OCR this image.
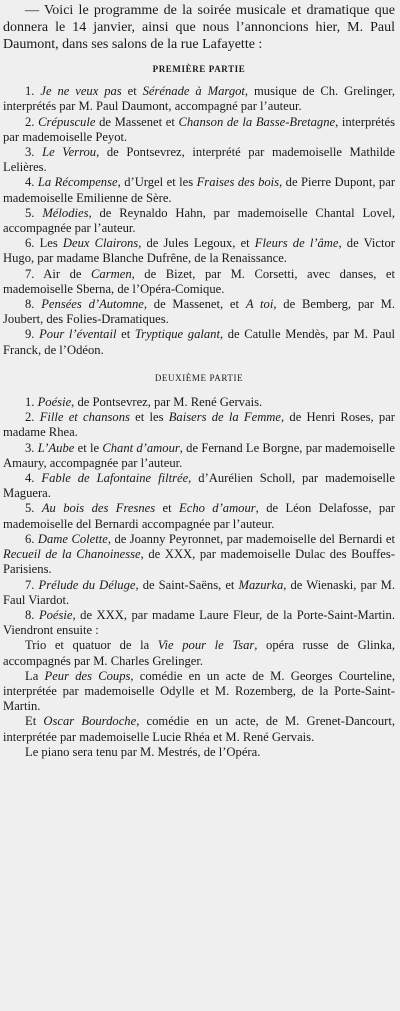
— Voici le programme de la soirée musicale et dramatique que donnera le 14 janvier, ainsi que nous l’annoncions hier, M. Paul Daumont, dans ses salons de la rue Lafayette :

PREMIÈRE PARTIE

1. Je ne veux pas et Sérénade à Margot, musique de Ch. Grelinger, interprétés par M. Paul Daumont, accompagné par l’auteur.

2. Crépuscule de Massenet et Chanson de la Basse-Bretagne, interprétés par mademoiselle Peyot.

3. Le Verrou, de Pontsevrez, interprété par mademoiselle Mathilde Lelières.

4. La Récompense, d’Urgel et les Fraises des bois, de Pierre Dupont, par mademoiselle Emilienne de Sère.

5. Mélodies, de Reynaldo Hahn, par mademoiselle Chantal Lovel, accompagnée par l’auteur.

6. Les Deux Clairons, de Jules Legoux, et Fleurs de l’âme, de Victor Hugo, par madame Blanche Dufrêne, de la Renaissance.

7. Air de Carmen, de Bizet, par M. Corsetti, avec danses, et mademoiselle Sberna, de l’Opéra-Comique.

8. Pensées d’Automne, de Massenet, et A toi, de Bemberg, par M. Joubert, des Folies-Dramatiques.

9. Pour l’éventail et Tryptique galant, de Catulle Mendès, par M. Paul Franck, de l’Odéon.

DEUXIÈME PARTIE

1. Poésie, de Pontsevrez, par M. René Gervais.

2. Fille et chansons et les Baisers de la Femme, de Henri Roses, par madame Rhea.

3. L’Aube et le Chant d’amour, de Fernand Le Borgne, par mademoiselle Amaury, accompagnée par l’auteur.

4. Fable de Lafontaine filtrée, d’Aurélien Scholl, par mademoiselle Maguera.

5. Au bois des Fresnes et Echo d’amour, de Léon Delafosse, par mademoiselle del Bernardi accompagnée par l’auteur.

6. Dame Colette, de Joanny Peyronnet, par mademoiselle del Bernardi et Recueil de la Chanoinesse, de XXX, par mademoiselle Dulac des Bouffes-Parisiens.

7. Prélude du Déluge, de Saint-Saëns, et Mazurka, de Wienaski, par M. Faul Viardot.

8. Poésie, de XXX, par madame Laure Fleur, de la Porte-Saint-Martin. Viendront ensuite :

Trio et quatuor de la Vie pour le Tsar, opéra russe de Glinka, accompagnés par M. Charles Grelinger.

La Peur des Coups, comédie en un acte de M. Georges Courteline, interprétée par mademoiselle Odylle et M. Rozemberg, de la Porte-Saint-Martin.

Et Oscar Bourdoche, comédie en un acte, de M. Grenet-Dancourt, interprétée par mademoiselle Lucie Rhéa et M. René Gervais.

Le piano sera tenu par M. Mestrés, de l’Opéra.
